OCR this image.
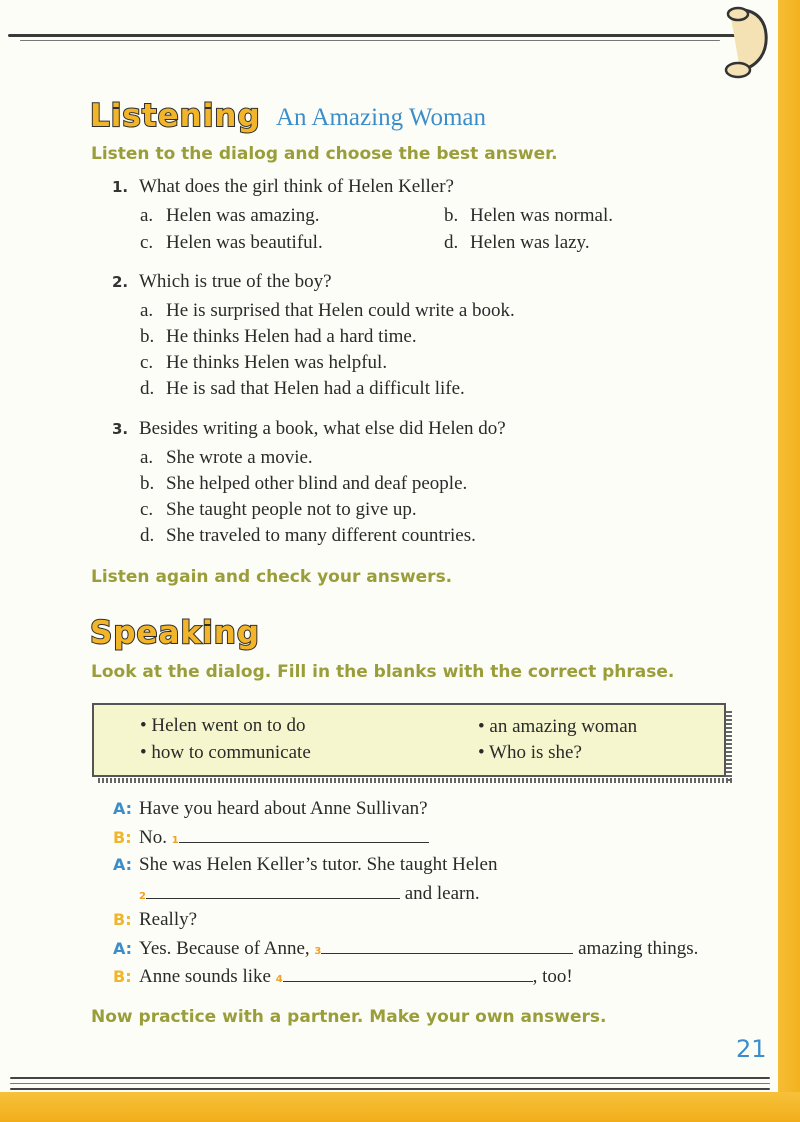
Listening An Amazing Woman
Listen to the dialog and choose the best answer.
1. What does the girl think of Helen Keller?
a. Helen was amazing.	b. Helen was normal.
c. Helen was beautiful.	d. Helen was lazy.
2. Which is true of the boy?
a. He is surprised that Helen could write a book.
b. He thinks Helen had a hard time.
c. He thinks Helen was helpful.
d. He is sad that Helen had a difficult life.
3. Besides writing a book, what else did Helen do?
a. She wrote a movie.
b. She helped other blind and deaf people.
c. She taught people not to give up.
d. She traveled to many different countries.
Listen again and check your answers.
Speaking
Look at the dialog. Fill in the blanks with the correct phrase.
• Helen went on to do
• how to communicate
• an amazing woman
• Who is she?
A: Have you heard about Anne Sullivan?
B: No. 1
A: She was Helen Keller’s tutor. She taught Helen
2	and learn.
B: Really?
A: Yes. Because of Anne, 3	amazing things.
B: Anne sounds like 4	, too!
Now practice with a partner. Make your own answers.
21
